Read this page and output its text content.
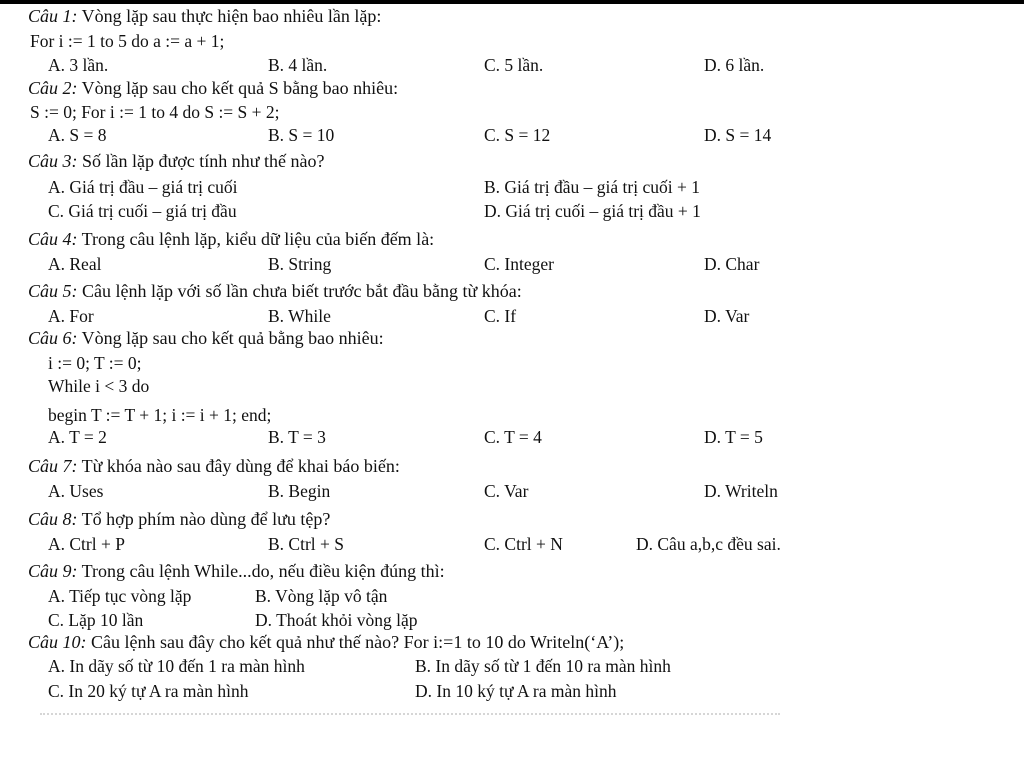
Câu 1: Vòng lặp sau thực hiện bao nhiêu lần lặp:
For i := 1 to 5 do a := a + 1;
A. 3 lần.	B. 4 lần.	C. 5 lần.	D. 6 lần.
Câu 2: Vòng lặp sau cho kết quả S bằng bao nhiêu:
S := 0; For i := 1 to 4 do S := S + 2;
A. S = 8	B. S = 10	C. S = 12	D. S = 14
Câu 3: Số lần lặp được tính như thế nào?
A. Giá trị đầu – giá trị cuối	B. Giá trị đầu – giá trị cuối + 1
C. Giá trị cuối – giá trị đầu	D. Giá trị cuối – giá trị đầu + 1
Câu 4: Trong câu lệnh lặp, kiểu dữ liệu của biến đếm là:
A. Real	B. String	C. Integer	D. Char
Câu 5: Câu lệnh lặp với số lần chưa biết trước bắt đầu bằng từ khóa:
A. For	B. While	C. If	D. Var
Câu 6: Vòng lặp sau cho kết quả bằng bao nhiêu:
i := 0; T := 0;
While i < 3 do
begin T := T + 1; i := i + 1; end;
A. T = 2	B. T = 3	C. T = 4	D. T = 5
Câu 7: Từ khóa nào sau đây dùng để khai báo biến:
A. Uses	B. Begin	C. Var	D. Writeln
Câu 8: Tổ hợp phím nào dùng để lưu tệp?
A. Ctrl + P	B. Ctrl + S	C. Ctrl + N	D. Câu a,b,c đều sai.
Câu 9: Trong câu lệnh While...do, nếu điều kiện đúng thì:
A. Tiếp tục vòng lặp	B. Vòng lặp vô tận
C. Lặp 10 lần	D. Thoát khỏi vòng lặp
Câu 10: Câu lệnh sau đây cho kết quả như thế nào? For i:=1 to 10 do Writeln(‘A’);
A. In dãy số từ 10 đến 1 ra màn hình	B. In dãy số từ 1 đến 10 ra màn hình
C. In 20 ký tự A ra màn hình	D. In 10 ký tự A ra màn hình
